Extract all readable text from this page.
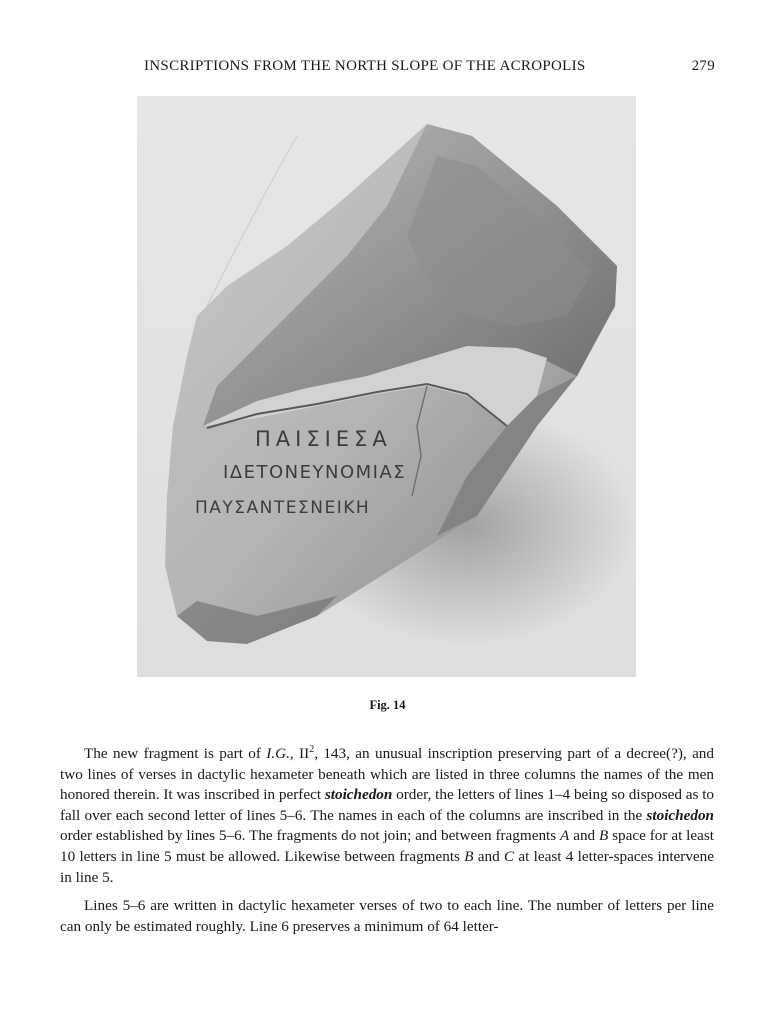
INSCRIPTIONS FROM THE NORTH SLOPE OF THE ACROPOLIS	279
ΠΑΙΣΙΕΣΑ
ΙΔΕΤΟΝΕΥΝΟΜΙΑΣ
ΠΑΥΣΑΝΤΕΣΝΕΙΚΗ
Fig. 14

The new fragment is part of I.G., $II^2$, 143, an unusual inscription preserving part of a decree(?), and two lines of verses in dactylic hexameter beneath which are listed in three columns the names of the men honored therein. It was inscribed in perfect stoichedon order, the letters of lines 1–4 being so disposed as to fall over each second letter of lines 5–6. The names in each of the columns are inscribed in the stoichedon order established by lines 5–6. The fragments do not join; and between fragments A and B space for at least 10 letters in line 5 must be allowed. Likewise between fragments B and C at least 4 letter-spaces intervene in line 5.

Lines 5–6 are written in dactylic hexameter verses of two to each line. The number of letters per line can only be estimated roughly. Line 6 preserves a minimum of 64 letter-
